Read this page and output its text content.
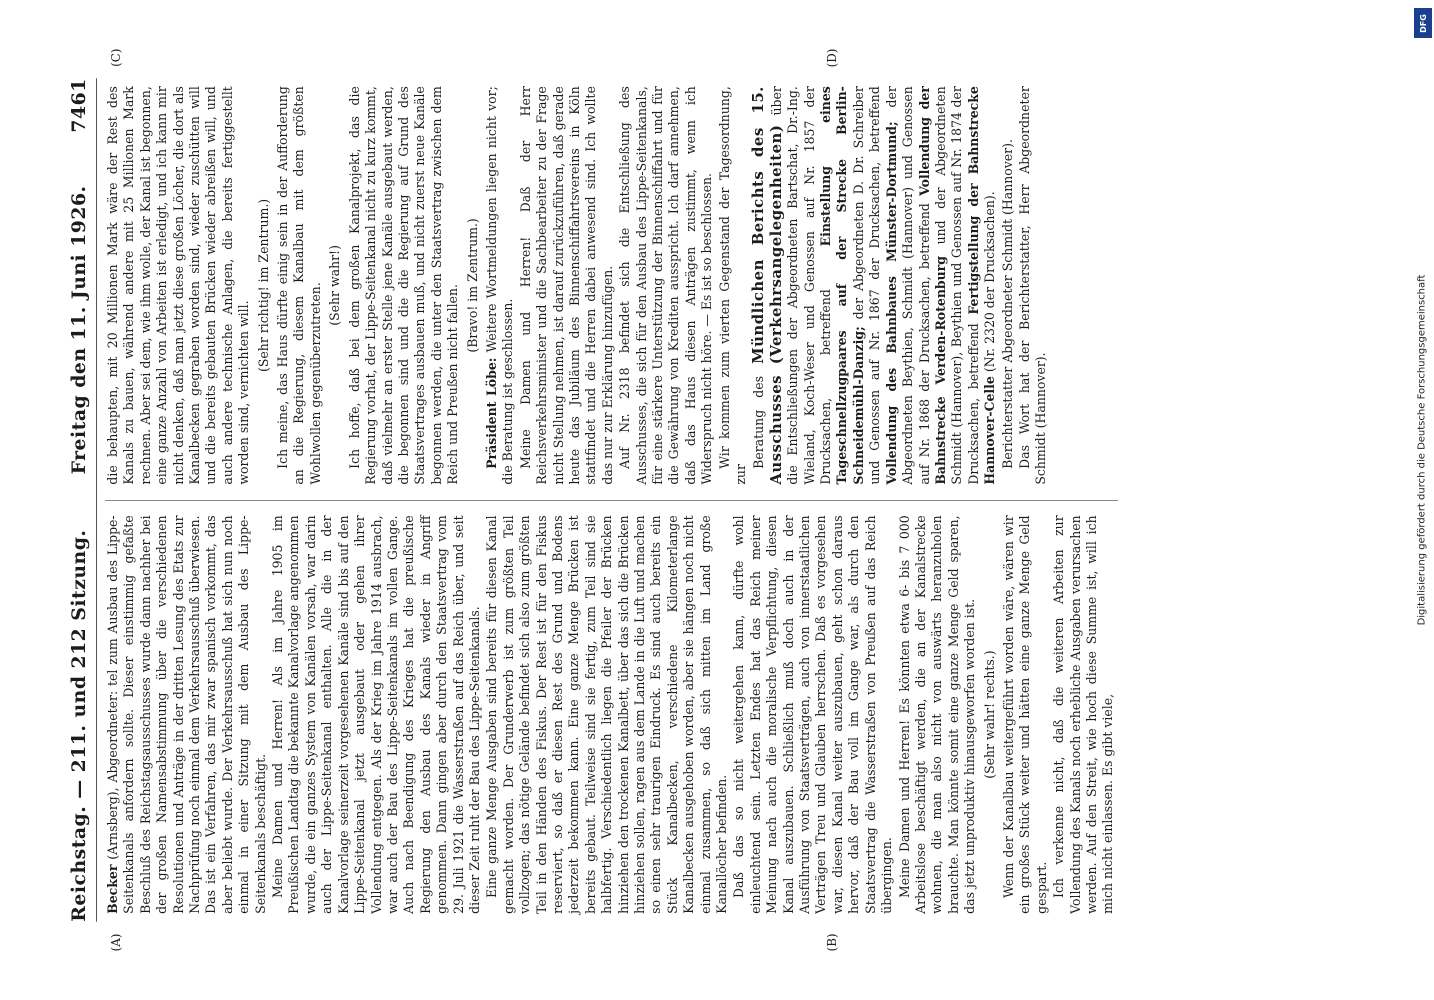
Reichstag. — 211. und 212 Sitzung.
Freitag den 11. Juni 1926.
7461
(A)	(B)
(C)	(D)

Becker (Arnsberg), Abgeordneter: tel zum Ausbau des Lippe-Seitenkanals anfordern sollte. Dieser einstimmig gefaßte Beschluß des Reichstagsausschusses wurde dann nachher bei der großen Namensabstimmung über die verschiedenen Resolutionen und Anträge in der dritten Lesung des Etats zur Nachprüfung noch einmal dem Verkehrsausschuß überwiesen. Das ist ein Verfahren, das mir zwar spanisch vorkommt, das aber beliebt wurde. Der Verkehrsausschuß hat sich nun noch einmal in einer Sitzung mit dem Ausbau des Lippe-Seitenkanals beschäftigt. Meine Damen und Herren! Als im Jahre 1905 im Preußischen Landtag die bekannte Kanalvorlage angenommen wurde, die ein ganzes System von Kanälen vorsah, war darin auch der Lippe-Seitenkanal enthalten. Alle die in der Kanalvorlage seinerzeit vorgesehenen Kanäle sind bis auf den Lippe-Seitenkanal jetzt ausgebaut oder gehen ihrer Vollendung entgegen. Als der Krieg im Jahre 1914 ausbrach, war auch der Bau des Lippe-Seitenkanals im vollen Gange. Auch nach Beendigung des Krieges hat die preußische Regierung den Ausbau des Kanals wieder in Angriff genommen. Dann gingen aber durch den Staatsvertrag vom 29. Juli 1921 die Wasserstraßen auf das Reich über, und seit dieser Zeit ruht der Bau des Lippe-Seitenkanals. Eine ganze Menge Ausgaben sind bereits für diesen Kanal gemacht worden. Der Grunderwerb ist zum größten Teil vollzogen; das nötige Gelände befindet sich also zum größten Teil in den Händen des Fiskus. Der Rest ist für den Fiskus reserviert, so daß er diesen Rest des Grund und Bodens jederzeit bekommen kann. Eine ganze Menge Brücken ist bereits gebaut. Teilweise sind sie fertig, zum Teil sind sie halbfertig. Verschiedentlich liegen die Pfeiler der Brücken hinziehen den trockenen Kanalbett, über das sich die Brücken hinziehen sollen, ragen aus dem Lande in die Luft und machen so einen sehr traurigen Eindruck. Es sind auch bereits ein Stück Kanalbecken, verschiedene Kilometerlange Kanalbecken ausgehoben worden, aber sie hängen noch nicht einmal zusammen, so daß sich mitten im Land große Kanallöcher befinden. Daß das so nicht weitergehen kann, dürfte wohl einleuchtend sein. Letzten Endes hat das Reich meiner Meinung nach auch die moralische Verpflichtung, diesen Kanal auszubauen. Schließlich muß doch auch in der Ausführung von Staatsverträgen, auch von innerstaatlichen Verträgen Treu und Glauben herrschen. Daß es vorgesehen war, diesen Kanal weiter auszubauen, geht schon daraus hervor, daß der Bau voll im Gange war, als durch den Staatsvertrag die Wasserstraßen von Preußen auf das Reich übergingen. Meine Damen und Herren! Es könnten etwa 6- bis 7 000 Arbeitslose beschäftigt werden, die an der Kanalstrecke wohnen, die man also nicht von auswärts heranzuholen brauchte. Man könnte somit eine ganze Menge Geld sparen, das jetzt unproduktiv hinausgeworfen worden ist. (Sehr wahr! rechts.) Wenn der Kanalbau weitergeführt worden wäre, wären wir ein großes Stück weiter und hätten eine ganze Menge Geld gespart. Ich verkenne nicht, daß die weiteren Arbeiten zur Vollendung des Kanals noch erhebliche Ausgaben verursachen werden. Auf den Streit, wie hoch diese Summe ist, will ich mich nicht einlassen. Es gibt viele,

die behaupten, mit 20 Millionen Mark wäre der Rest des Kanals zu bauen, während andere mit 25 Millionen Mark rechnen. Aber sei dem, wie ihm wolle, der Kanal ist begonnen, eine ganze Anzahl von Arbeiten ist erledigt, und ich kann mir nicht denken, daß man jetzt diese großen Löcher, die dort als Kanalbecken gegraben worden sind, wieder zuschütten will und die bereits gebauten Brücken wieder abreißen will, und auch andere technische Anlagen, die bereits fertiggestellt worden sind, vernichten will.

(Sehr richtig! im Zentrum.) Ich meine, das Haus dürfte einig sein in der Aufforderung an die Regierung, diesem Kanalbau mit dem größten Wohlwollen gegenüberzutreten. (Sehr wahr!) Ich hoffe, daß bei dem großen Kanalprojekt, das die Regierung vorhat, der Lippe-Seitenkanal nicht zu kurz kommt, daß vielmehr an erster Stelle jene Kanäle ausgebaut werden, die begonnen sind und die die Regierung auf Grund des Staatsvertrages ausbauen muß, und nicht zuerst neue Kanäle begonnen werden, die unter den Staatsvertrag zwischen dem Reich und Preußen nicht fallen. (Bravo! im Zentrum.)

Präsident Löbe: Weitere Wortmeldungen liegen nicht vor; die Beratung ist geschlossen. Meine Damen und Herren! Daß der Herr Reichsverkehrsminister und die Sachbearbeiter zu der Frage nicht Stellung nehmen, ist darauf zurückzuführen, daß gerade heute das Jubiläum des Binnenschiffahrtsvereins in Köln stattfindet und die Herren dabei anwesend sind. Ich wollte das nur zur Erklärung hinzufügen. Auf Nr. 2318 befindet sich die Entschließung des Ausschusses, die sich für den Ausbau des Lippe-Seitenkanals, für eine stärkere Unterstützung der Binnenschiffahrt und für die Gewährung von Krediten ausspricht. Ich darf annehmen, daß das Haus diesen Anträgen zustimmt, wenn ich Widerspruch nicht höre. — Es ist so beschlossen. Wir kommen zum vierten Gegenstand der Tagesordnung, zur

Beratung des Mündlichen Berichts des 15. Ausschusses (Verkehrsangelegenheiten) über die Entschließungen der Abgeordneten Bartschat, Dr.-Ing. Wieland, Koch-Weser und Genossen auf Nr. 1857 der Drucksachen, betreffend Einstellung eines Tageschnellzugpaares auf der Strecke Berlin-Schneidemühl-Danzig; der Abgeordneten D. Dr. Schreiber und Genossen auf Nr. 1867 der Drucksachen, betreffend Vollendung des Bahnbaues Münster-Dortmund; der Abgeordneten Beythien, Schmidt (Hannover) und Genossen auf Nr. 1868 der Drucksachen, betreffend Vollendung der Bahnstrecke Verden-Rotenburg und der Abgeordneten Schmidt (Hannover), Beythien und Genossen auf Nr. 1874 der Drucksachen, betreffend Fertigstellung der Bahnstrecke Hannover-Celle (Nr. 2320 der Drucksachen). Berichterstatter Abgeordneter Schmidt (Hannover). Das Wort hat der Berichterstatter, Herr Abgeordneter Schmidt (Hannover).

DFG
Digitalisierung gefördert durch die Deutsche Forschungsgemeinschaft
